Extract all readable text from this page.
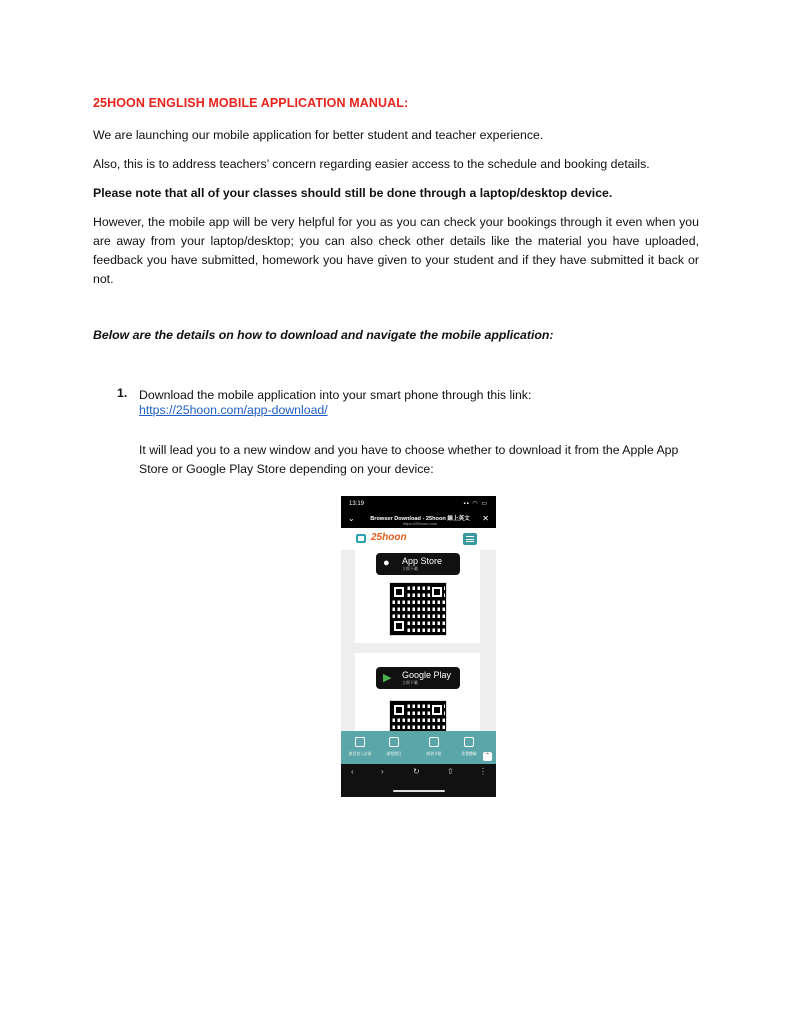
25HOON ENGLISH MOBILE APPLICATION MANUAL:
We are launching our mobile application for better student and teacher experience.
Also, this is to address teachers’ concern regarding easier access to the schedule and booking details.
Please note that all of your classes should still be done through a laptop/desktop device.
However, the mobile app will be very helpful for you as you can check your bookings through it even when you are away from your laptop/desktop; you can also check other details like the material you have uploaded, feedback you have submitted, homework you have given to your student and if they have submitted it back or not.
Below are the details on how to download and navigate the mobile application:
1. Download the mobile application into your smart phone through this link:
https://25hoon.com/app-download/
It will lead you to a new window and you have to choose whether to download it from the Apple App Store or Google Play Store depending on your device:
13:19	▪▪ ◠ ▭
⌄	Browser Download - 25hoon 線上英文
https://25hoon.com
✕
25hoon
● App Store
立即下載
▶ Google Play
立即下載
會員登入註冊	課程價目	師資介紹	免費體驗	⌃
‹	›	↻	⇧	⋮
